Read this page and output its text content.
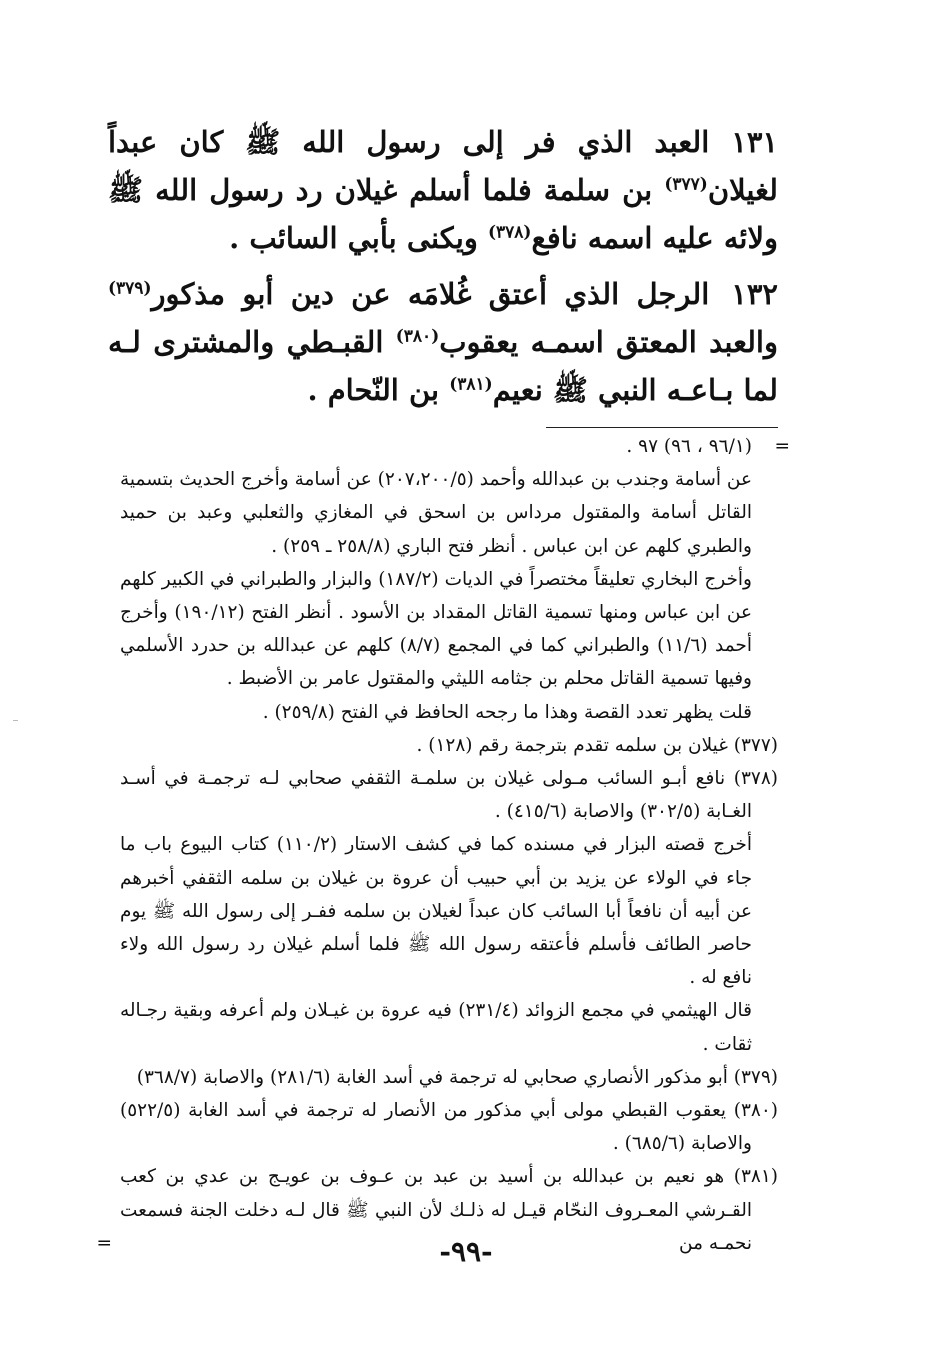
١٣١العبد الذي فر إلى رسول الله ﷺ كان عبداً لغيلان$^{(٣٧٧)}$ بن سلمة فلما أسلم غيلان رد رسول الله ﷺ ولائه عليه اسمه نافع$^{(٣٧٨)}$ ويكنى بأبي السائب .

١٣٢الرجل الذي أعتق غُلامَه عن دين أبو مذكور$^{(٣٧٩)}$ والعبد المعتق اسمـه يعقوب$^{(٣٨٠)}$ القبـطي والمشترى لـه لما بـاعـه النبي ﷺ نعيم$^{(٣٨١)}$ بن النّحام .

=
(٩٦/١ ، ٩٦) ٩٧ .

عن أسامة وجندب بن عبدالله وأحمد (٢٠٧،٢٠٠/٥) عن أسامة وأخرج الحديث بتسمية القاتل أسامة والمقتول مرداس بن اسحق في المغازي والثعلبي وعبد بن حميد والطبري كلهم عن ابن عباس . أنظر فتح الباري (٢٥٨/٨ ـ ٢٥٩) .

وأخرج البخاري تعليقاً مختصراً في الديات (١٨٧/٢) والبزار والطبراني في الكبير كلهم عن ابن عباس ومنها تسمية القاتل المقداد بن الأسود . أنظر الفتح (١٩٠/١٢) وأخرج أحمد (١١/٦) والطبراني كما في المجمع (٨/٧) كلهم عن عبدالله بن حدرد الأسلمي وفيها تسمية القاتل محلم بن جثامه الليثي والمقتول عامر بن الأضبط .

قلت يظهر تعدد القصة وهذا ما رجحه الحافظ في الفتح (٢٥٩/٨) .

(٣٧٧) غيلان بن سلمه تقدم بترجمة رقم (١٢٨) .

(٣٧٨) نافع أبـو السائب مـولى غيلان بن سلمـة الثقفي صحابي لـه ترجمـة في أسـد الغـابة (٣٠٢/٥) والاصابة (٤١٥/٦) .

أخرج قصته البزار في مسنده كما في كشف الاستار (١١٠/٢) كتاب البيوع باب ما جاء في الولاء عن يزيد بن أبي حبيب أن عروة بن غيلان بن سلمه الثقفي أخبرهم عن أبيه أن نافعاً أبا السائب كان عبداً لغيلان بن سلمه ففـر إلى رسول الله ﷺ يوم حاصر الطائف فأسلم فأعتقه رسول الله ﷺ فلما أسلم غيلان رد رسول الله ولاء نافع له .

قال الهيثمي في مجمع الزوائد (٢٣١/٤) فيه عروة بن غيـلان ولم أعرفه وبقية رجـاله ثقات .

(٣٧٩) أبو مذكور الأنصاري صحابي له ترجمة في أسد الغابة (٢٨١/٦) والاصابة (٣٦٨/٧)

(٣٨٠) يعقوب القبطي مولى أبي مذكور من الأنصار له ترجمة في أسد الغابة (٥٢٢/٥) والاصابة (٦٨٥/٦) .

(٣٨١) هو نعيم بن عبدالله بن أسيد بن عبد بن عـوف بن عويـج بن عدي بن كعب القـرشي المعـروف النحّام قيـل له ذلـك لأن النبي ﷺ قال لـه دخلت الجنة فسمعت نحمـه من
=	-٩٩-
